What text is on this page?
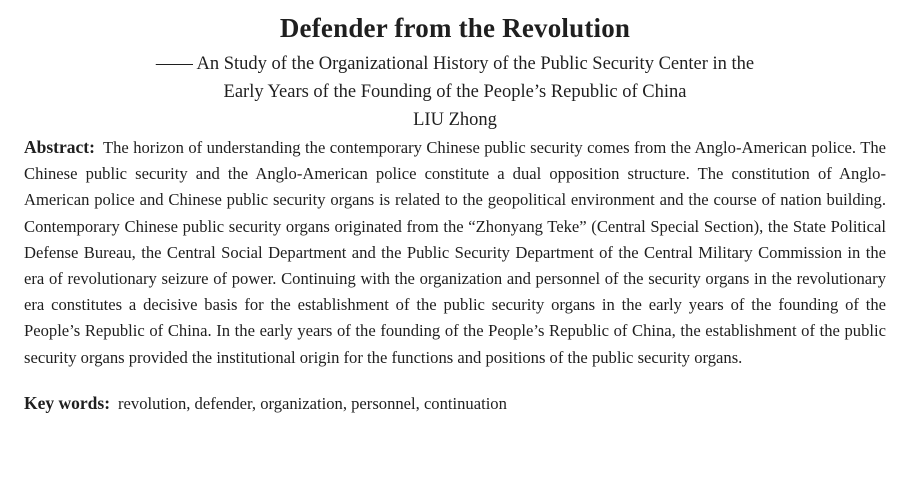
Defender from the Revolution
—— An Study of the Organizational History of the Public Security Center in the
Early Years of the Founding of the People’s Republic of China
LIU Zhong

Abstract: The horizon of understanding the contemporary Chinese public security comes from the Anglo-American police. The Chinese public security and the Anglo-American police constitute a dual opposition structure. The constitution of Anglo-American police and Chinese public security organs is related to the geopolitical environment and the course of nation building. Contemporary Chinese public security organs originated from the “Zhonyang Teke” (Central Special Section), the State Political Defense Bureau, the Central Social Department and the Public Security Department of the Central Military Commission in the era of revolutionary seizure of power. Continuing with the organization and personnel of the security organs in the revolutionary era constitutes a decisive basis for the establishment of the public security organs in the early years of the founding of the People’s Republic of China. In the early years of the founding of the People’s Republic of China, the establishment of the public security organs provided the institutional origin for the functions and positions of the public security organs.

Key words: revolution, defender, organization, personnel, continuation
